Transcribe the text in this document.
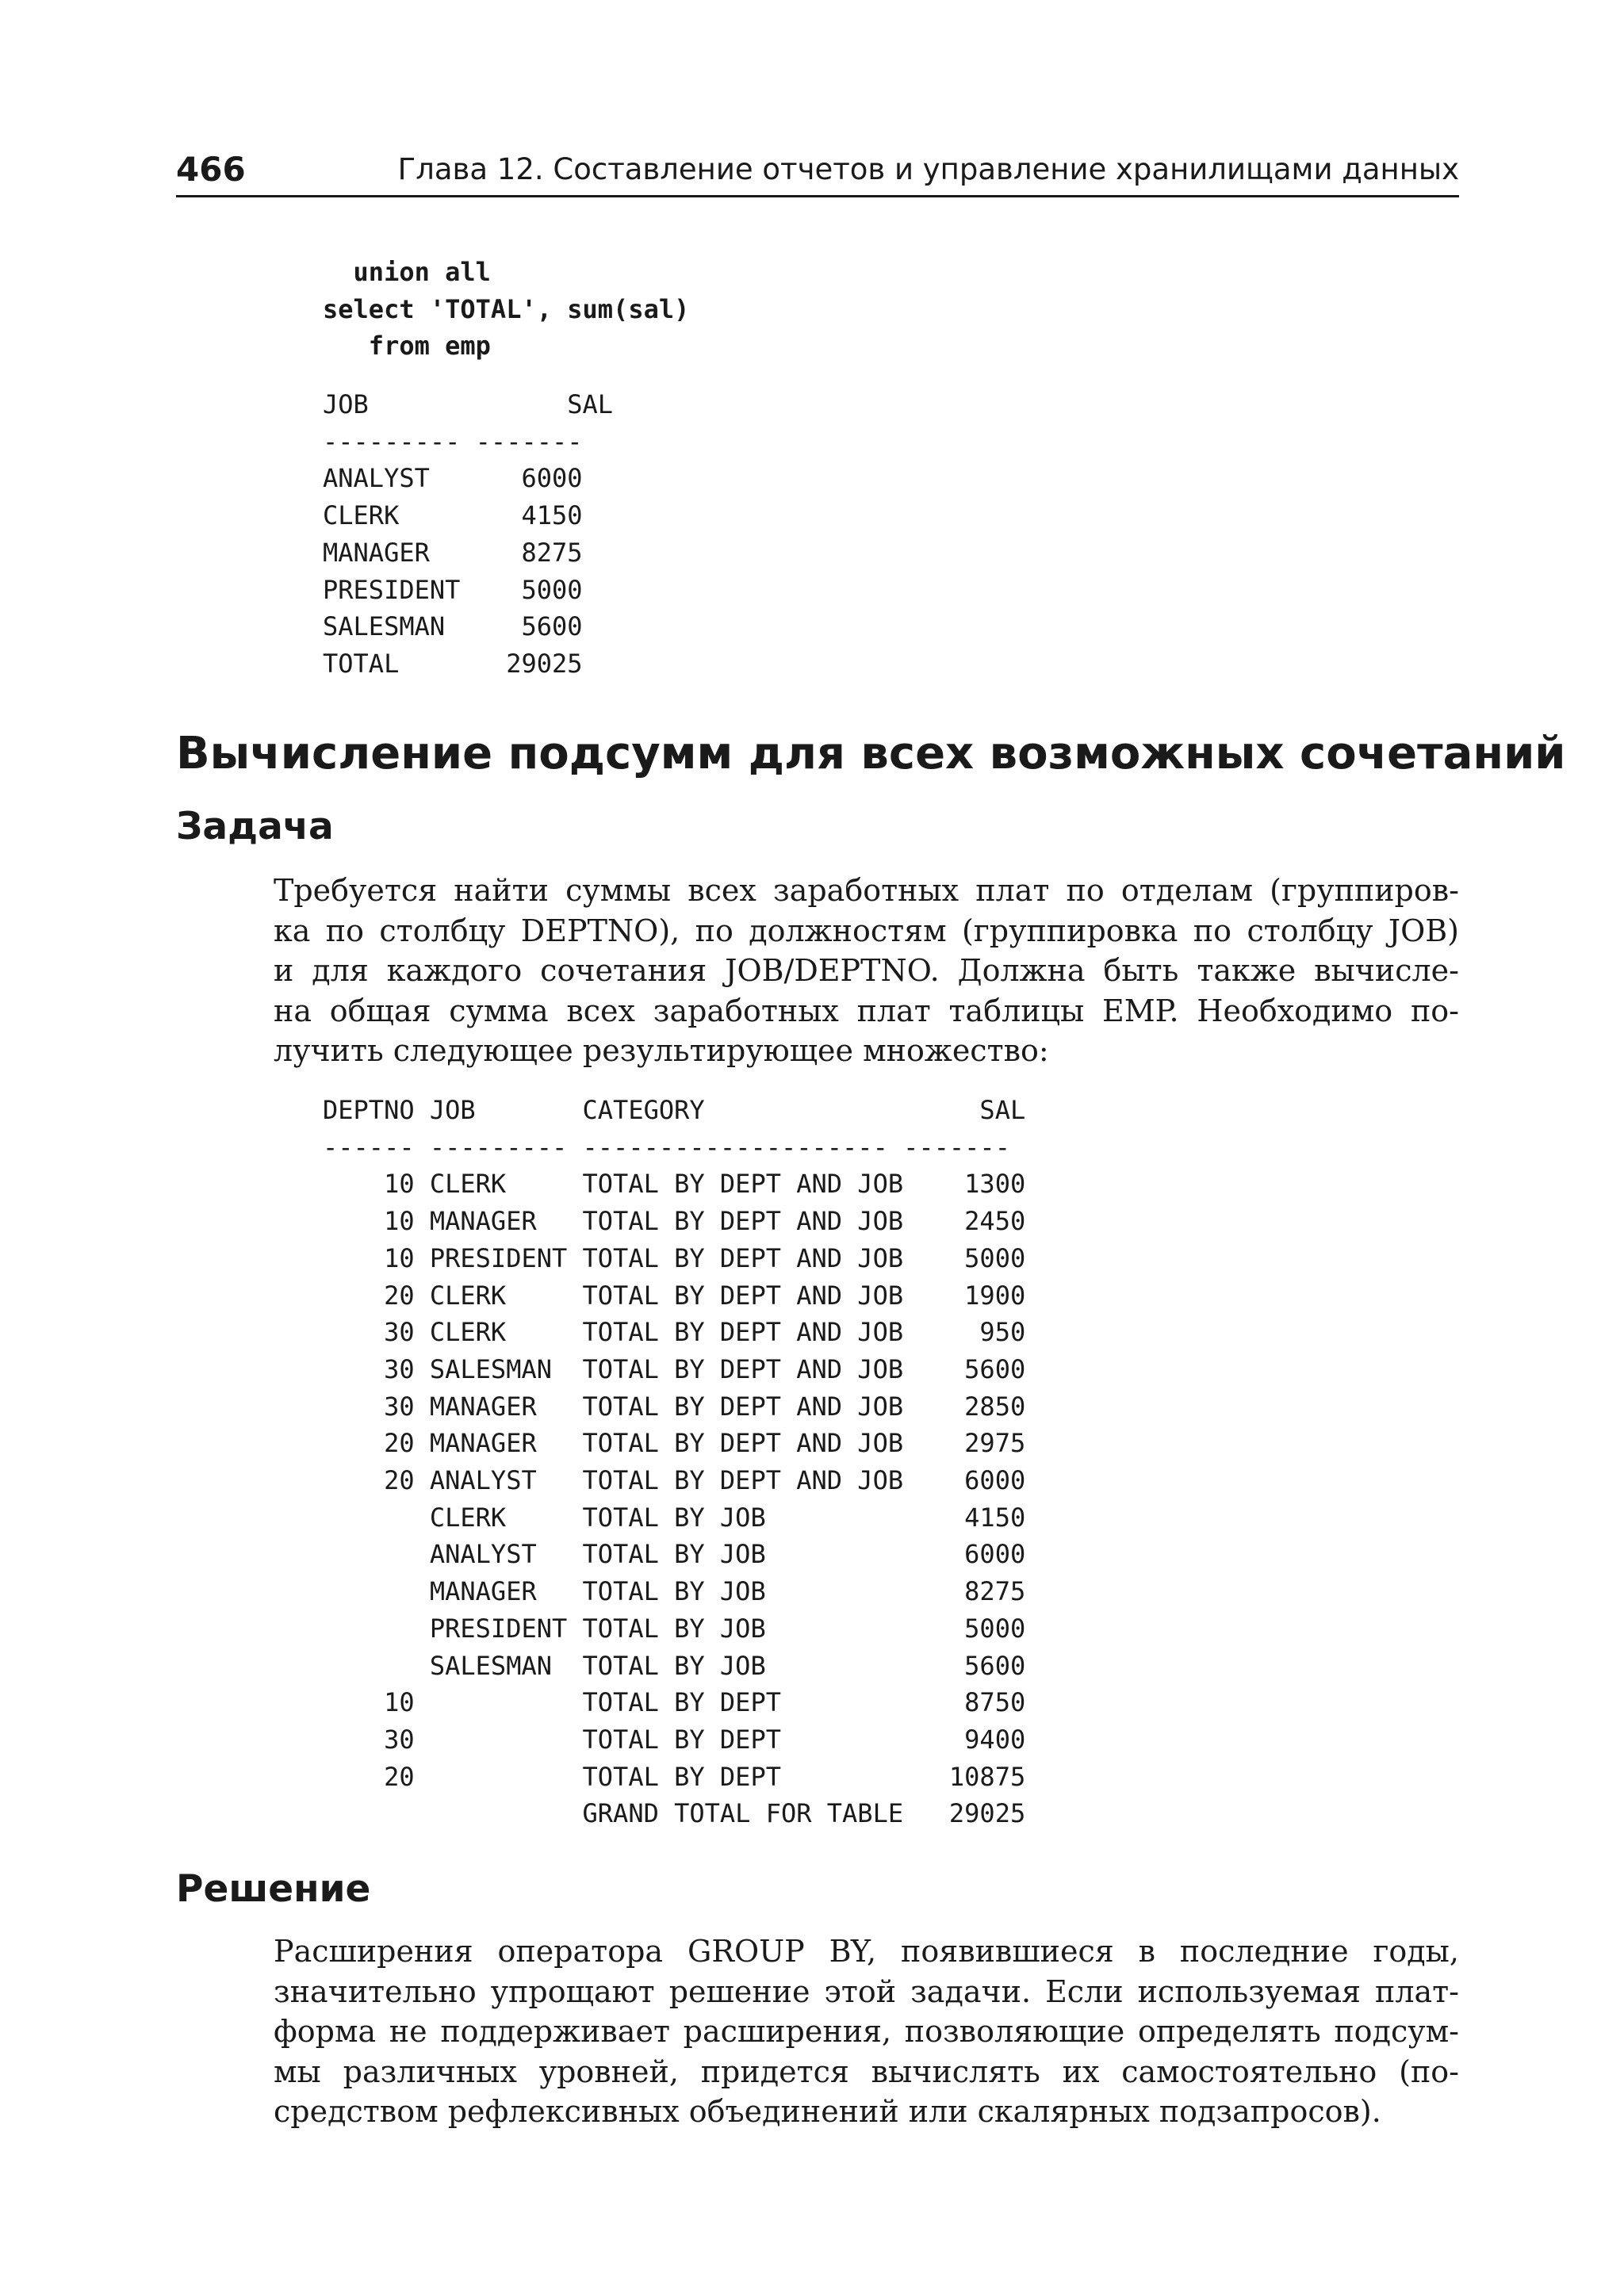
466	Глава 12. Составление отчетов и управление хранилищами данных
union all
select 'TOTAL', sum(sal)
from emp
JOB             SAL
--------- -------
ANALYST      6000
CLERK        4150
MANAGER      8275
PRESIDENT    5000
SALESMAN     5600
TOTAL       29025
Вычисление подсумм для всех возможных сочетаний
Задача
Требуется найти суммы всех заработных плат по отделам (группиров-
ка по столбцу DEPTNO), по должностям (группировка по столбцу JOB)
и для каждого сочетания JOB/DEPTNO. Должна быть также вычисле-
на общая сумма всех заработных плат таблицы EMP. Необходимо по-
лучить следующее результирующее множество:
DEPTNO JOB       CATEGORY                  SAL
------ --------- -------------------- -------
10 CLERK     TOTAL BY DEPT AND JOB    1300
10 MANAGER   TOTAL BY DEPT AND JOB    2450
10 PRESIDENT TOTAL BY DEPT AND JOB    5000
20 CLERK     TOTAL BY DEPT AND JOB    1900
30 CLERK     TOTAL BY DEPT AND JOB     950
30 SALESMAN  TOTAL BY DEPT AND JOB    5600
30 MANAGER   TOTAL BY DEPT AND JOB    2850
20 MANAGER   TOTAL BY DEPT AND JOB    2975
20 ANALYST   TOTAL BY DEPT AND JOB    6000
CLERK     TOTAL BY JOB             4150
ANALYST   TOTAL BY JOB             6000
MANAGER   TOTAL BY JOB             8275
PRESIDENT TOTAL BY JOB             5000
SALESMAN  TOTAL BY JOB             5600
10           TOTAL BY DEPT            8750
30           TOTAL BY DEPT            9400
20           TOTAL BY DEPT           10875
GRAND TOTAL FOR TABLE   29025
Решение
Расширения оператора GROUP BY, появившиеся в последние годы,
значительно упрощают решение этой задачи. Если используемая плат-
форма не поддерживает расширения, позволяющие определять подсум-
мы различных уровней, придется вычислять их самостоятельно (по-
средством рефлексивных объединений или скалярных подзапросов).
